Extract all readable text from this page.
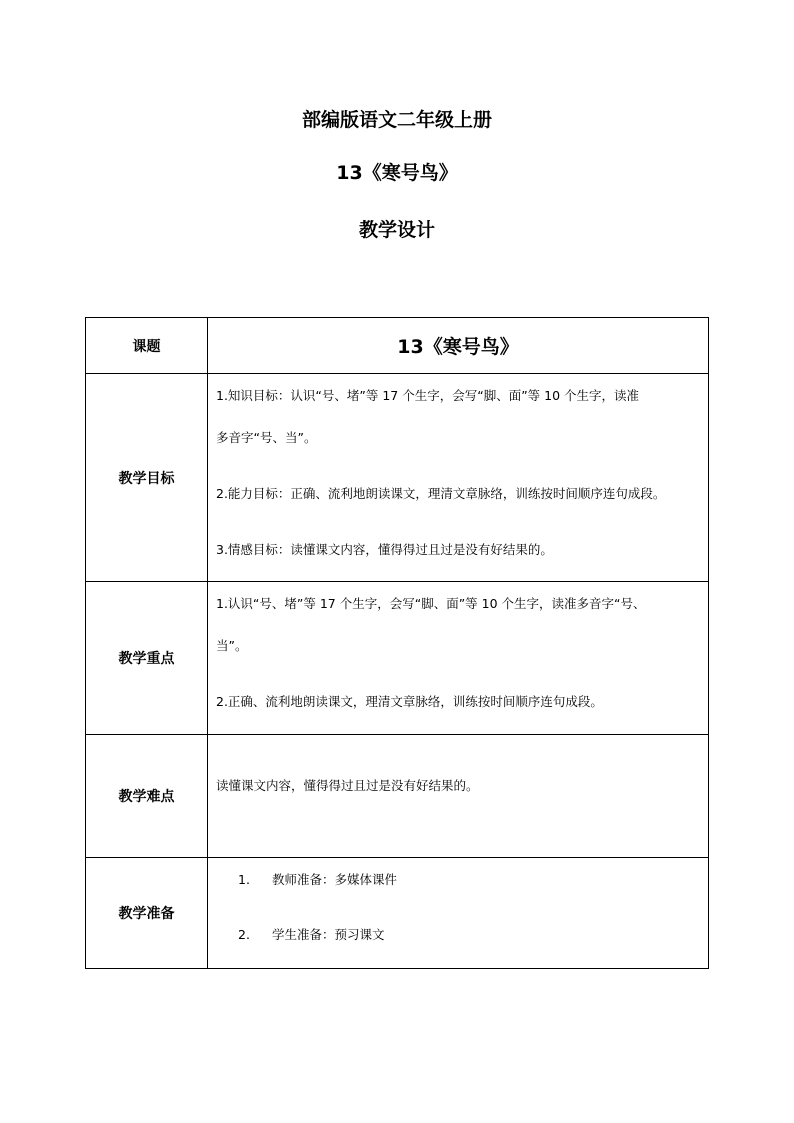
部编版语文二年级上册
13《寒号鸟》
教学设计
课题	13《寒号鸟》
教学目标	1.知识目标：认识“号、堵”等 17 个生字，会写“脚、面”等 10 个生字，读准

多音字“号、当”。

2.能力目标：正确、流利地朗读课文，理清文章脉络，训练按时间顺序连句成段。

3.情感目标：读懂课文内容，懂得得过且过是没有好结果的。

教学重点	1.认识“号、堵”等 17 个生字，会写“脚、面”等 10 个生字，读准多音字“号、

当”。

2.正确、流利地朗读课文，理清文章脉络，训练按时间顺序连句成段。

教学难点	读懂课文内容，懂得得过且过是没有好结果的。

教学准备	1. 教师准备：多媒体课件

2. 学生准备：预习课文
